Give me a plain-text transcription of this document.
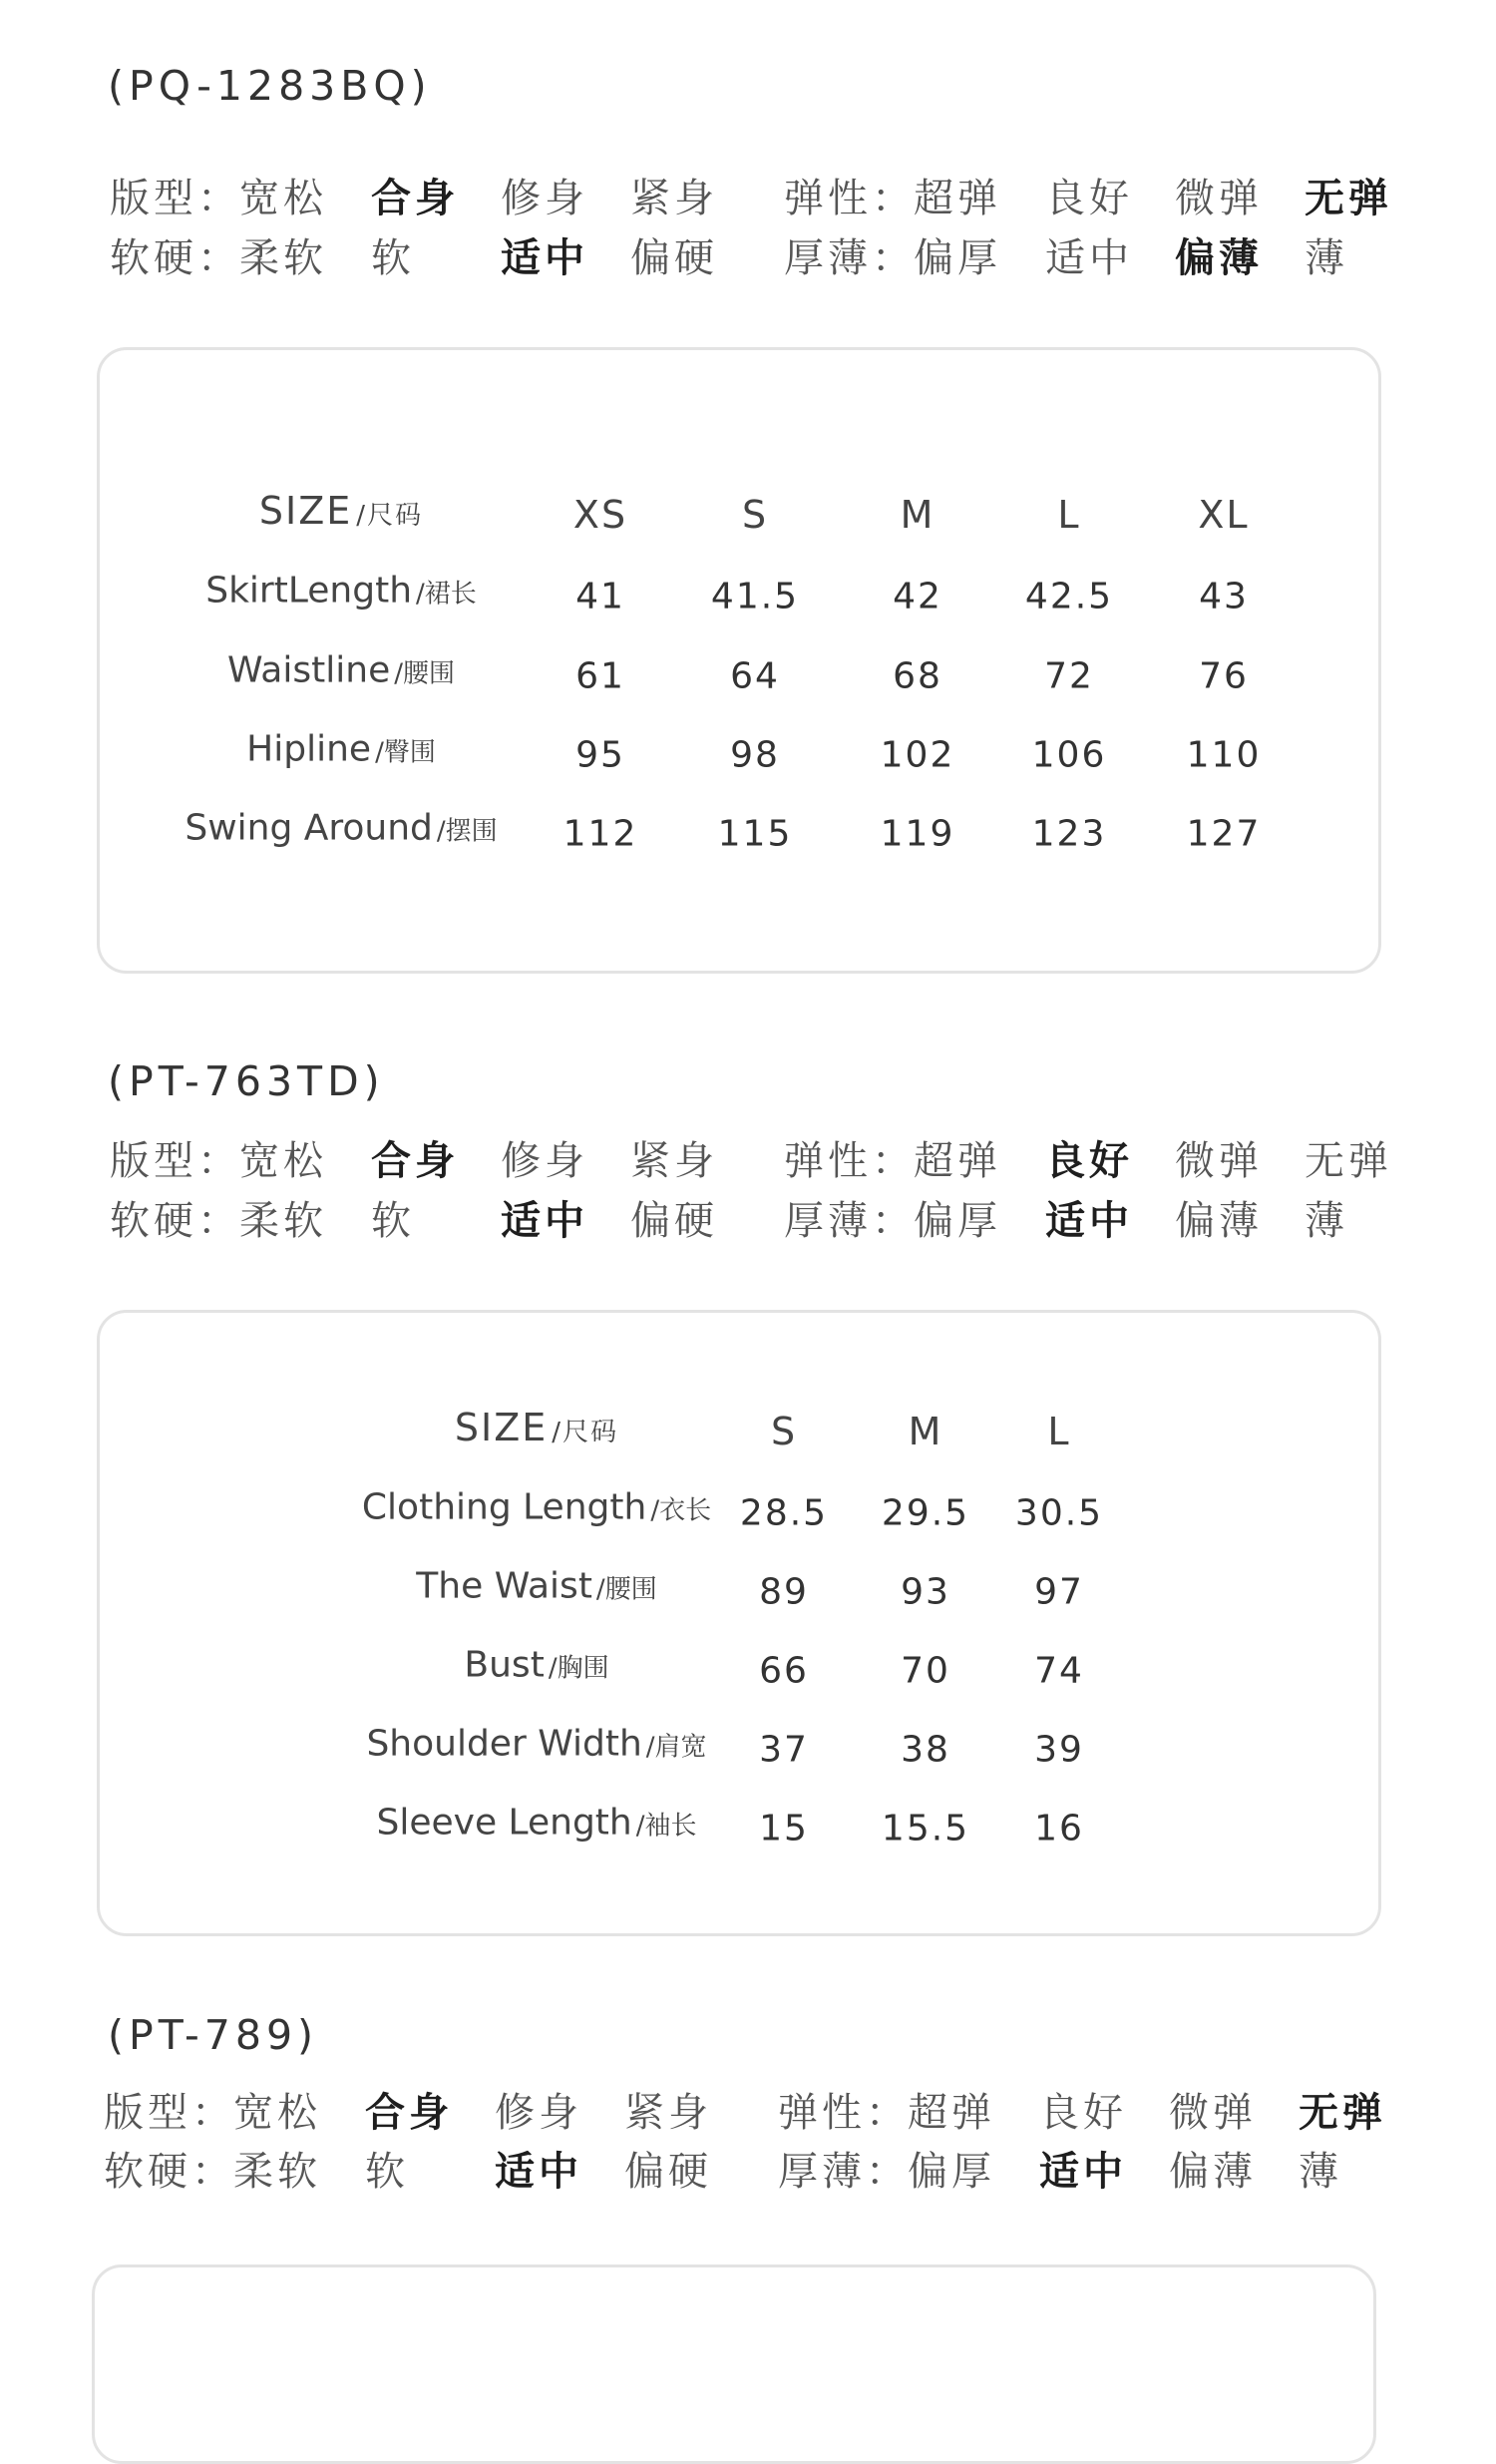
(PQ-1283BQ)
版型：
宽松 合身 修身 紧身 弹性：
超弹 良好 微弹 无弹
软硬：
柔软 软 适中 偏硬 厚薄：
偏厚 适中 偏薄 薄
SIZE /尺码	XS	S	M	L	XL
SkirtLength /裙长	41 41.5	42 42.5 43
Waistline /腰围	61	64	68	72	76
Hipline /臀围	95	98	102 106 110
Swing Around /摆围 112 115 119 123 127
(PT-763TD)
版型：
宽松 合身 修身 紧身 弹性：
超弹 良好 微弹 无弹
软硬：
柔软 软 适中 偏硬 厚薄：
偏厚 适中 偏薄 薄
SIZE /尺码	S	M	L
Clothing Length /衣长 28.5 29.5 30.5
The Waist /腰围	89	93 97
Bust /胸围	66	70 74
Shoulder Width /肩宽 37	38 39
Sleeve Length /袖长 15 15.5 16
(PT-789)
版型：
宽松 合身 修身 紧身 弹性：
超弹 良好 微弹 无弹
软硬：
柔软 软 适中 偏硬 厚薄：
偏厚 适中 偏薄 薄
